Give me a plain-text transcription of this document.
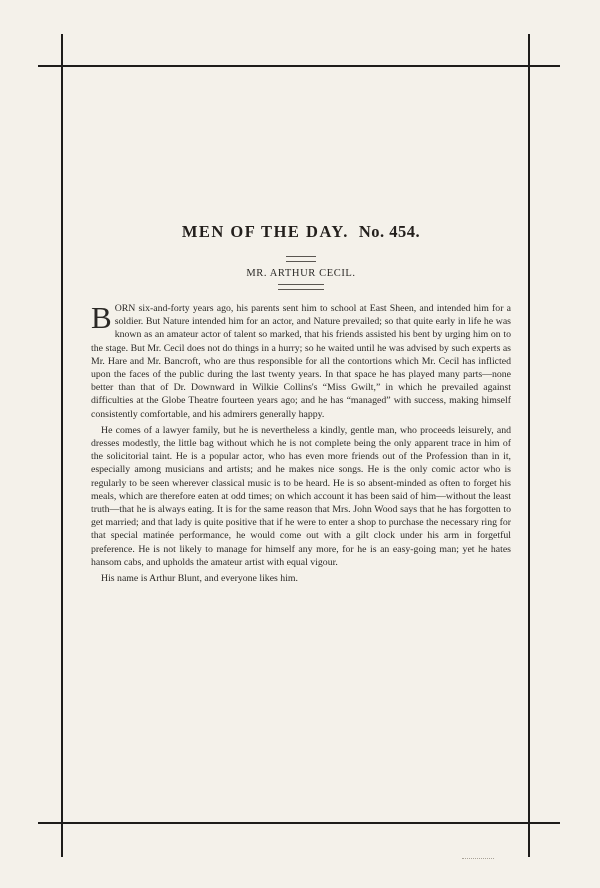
MEN OF THE DAY. No. 454.
MR. ARTHUR CECIL.

BORN six-and-forty years ago, his parents sent him to school at East Sheen, and intended him for a soldier. But Nature intended him for an actor, and Nature prevailed; so that quite early in life he was known as an amateur actor of talent so marked, that his friends assisted his bent by urging him on to the stage. But Mr. Cecil does not do things in a hurry; so he waited until he was advised by such experts as Mr. Hare and Mr. Bancroft, who are thus responsible for all the contortions which Mr. Cecil has inflicted upon the faces of the public during the last twenty years. In that space he has played many parts—none better than that of Dr. Downward in Wilkie Collins's “Miss Gwilt,” in which he prevailed against difficulties at the Globe Theatre fourteen years ago; and he has “managed” with success, making himself consistently comfortable, and his admirers generally happy.

He comes of a lawyer family, but he is nevertheless a kindly, gentle man, who proceeds leisurely, and dresses modestly, the little bag without which he is not complete being the only apparent trace in him of the solicitorial taint. He is a popular actor, who has even more friends out of the Profession than in it, especially among musicians and artists; and he makes nice songs. He is the only comic actor who is regularly to be seen wherever classical music is to be heard. He is so absent-minded as often to forget his meals, which are therefore eaten at odd times; on which account it has been said of him—without the least truth—that he is always eating. It is for the same reason that Mrs. John Wood says that he has forgotten to get married; and that lady is quite positive that if he were to enter a shop to purchase the necessary ring for that special matinée performance, he would come out with a gilt clock under his arm in forgetful preference. He is not likely to manage for himself any more, for he is an easy-going man; yet he hates hansom cabs, and upholds the amateur artist with equal vigour.

His name is Arthur Blunt, and everyone likes him.
